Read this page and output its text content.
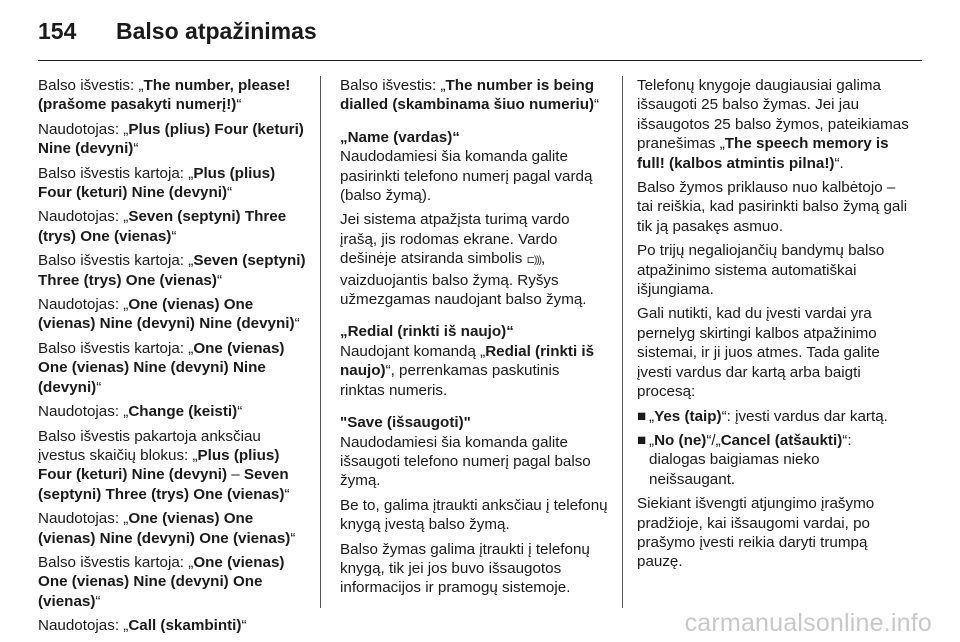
154 Balso atpažinimas

Balso išvestis: „The number, please! (prašome pasakyti numerį!)“

Naudotojas: „Plus (plius) Four (keturi) Nine (devyni)“

Balso išvestis kartoja: „Plus (plius) Four (keturi) Nine (devyni)“

Naudotojas: „Seven (septyni) Three (trys) One (vienas)“

Balso išvestis kartoja: „Seven (septyni) Three (trys) One (vienas)“

Naudotojas: „One (vienas) One (vienas) Nine (devyni) Nine (devyni)“

Balso išvestis kartoja: „One (vienas) One (vienas) Nine (devyni) Nine (devyni)“

Naudotojas: „Change (keisti)“

Balso išvestis pakartoja anksčiau įvestus skaičių blokus: „Plus (plius) Four (keturi) Nine (devyni) – Seven (septyni) Three (trys) One (vienas)“

Naudotojas: „One (vienas) One (vienas) Nine (devyni) One (vienas)“

Balso išvestis kartoja: „One (vienas) One (vienas) Nine (devyni) One (vienas)“

Naudotojas: „Call (skambinti)“

Balso išvestis: „The number is being dialled (skambinama šiuo numeriu)“

„Name (vardas)“

Naudodamiesi šia komanda galite pasirinkti telefono numerį pagal vardą (balso žymą).

Jei sistema atpažįsta turimą vardo įrašą, jis rodomas ekrane. Vardo dešinėje atsiranda simbolis ⊏))), vaizduojantis balso žymą. Ryšys užmezgamas naudojant balso žymą.

„Redial (rinkti iš naujo)“

Naudojant komandą „Redial (rinkti iš naujo)“, perrenkamas paskutinis rinktas numeris.

"Save (išsaugoti)"

Naudodamiesi šia komanda galite išsaugoti telefono numerį pagal balso žymą.

Be to, galima įtraukti anksčiau į telefonų knygą įvestą balso žymą.

Balso žymas galima įtraukti į telefonų knygą, tik jei jos buvo išsaugotos informacijos ir pramogų sistemoje.

Telefonų knygoje daugiausiai galima išsaugoti 25 balso žymas. Jei jau išsaugotos 25 balso žymos, pateikiamas pranešimas „The speech memory is full! (kalbos atmintis pilna!)“.

Balso žymos priklauso nuo kalbėtojo – tai reiškia, kad pasirinkti balso žymą gali tik ją pasakęs asmuo.

Po trijų negaliojančių bandymų balso atpažinimo sistema automatiškai išjungiama.

Gali nutikti, kad du įvesti vardai yra pernelyg skirtingi kalbos atpažinimo sistemai, ir ji juos atmes. Tada galite įvesti vardus dar kartą arba baigti procesą:

■ „Yes (taip)“: įvesti vardus dar kartą.
■ „No (ne)“/„Cancel (atšaukti)“: dialogas baigiamas nieko neišsaugant.

Siekiant išvengti atjungimo įrašymo pradžioje, kai išsaugomi vardai, po prašymo įvesti reikia daryti trumpą pauzę.

carmanualsonline.info
